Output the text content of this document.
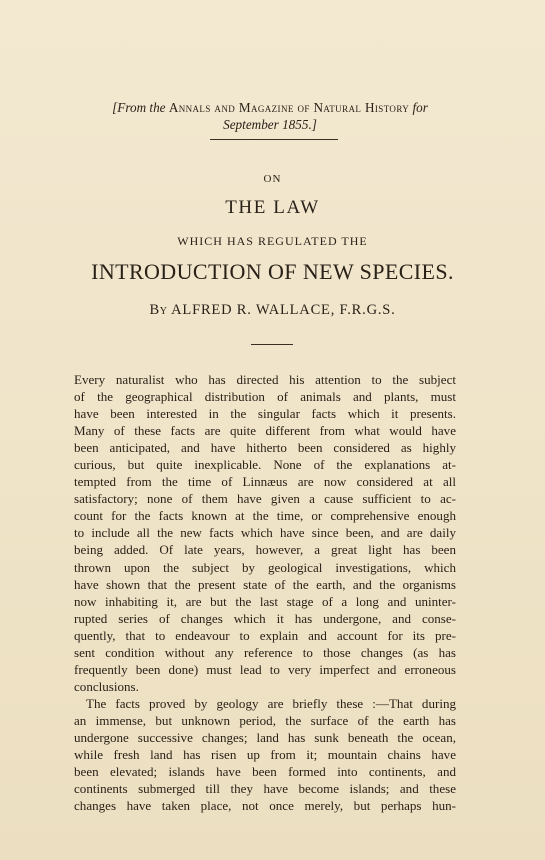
[From the Annals and Magazine of Natural History for
September 1855.]
ON
THE LAW
WHICH HAS REGULATED THE
INTRODUCTION OF NEW SPECIES.
By ALFRED R. WALLACE, F.R.G.S.
Every naturalist who has directed his attention to the subject
of the geographical distribution of animals and plants, must
have been interested in the singular facts which it presents.
Many of these facts are quite different from what would have
been anticipated, and have hitherto been considered as highly
curious, but quite inexplicable. None of the explanations at-
tempted from the time of Linnæus are now considered at all
satisfactory; none of them have given a cause sufficient to ac-
count for the facts known at the time, or comprehensive enough
to include all the new facts which have since been, and are daily
being added. Of late years, however, a great light has been
thrown upon the subject by geological investigations, which
have shown that the present state of the earth, and the organisms
now inhabiting it, are but the last stage of a long and uninter-
rupted series of changes which it has undergone, and conse-
quently, that to endeavour to explain and account for its pre-
sent condition without any reference to those changes (as has
frequently been done) must lead to very imperfect and erroneous
conclusions.
The facts proved by geology are briefly these :—That during
an immense, but unknown period, the surface of the earth has
undergone successive changes; land has sunk beneath the ocean,
while fresh land has risen up from it; mountain chains have
been elevated; islands have been formed into continents, and
continents submerged till they have become islands; and these
changes have taken place, not once merely, but perhaps hun-
